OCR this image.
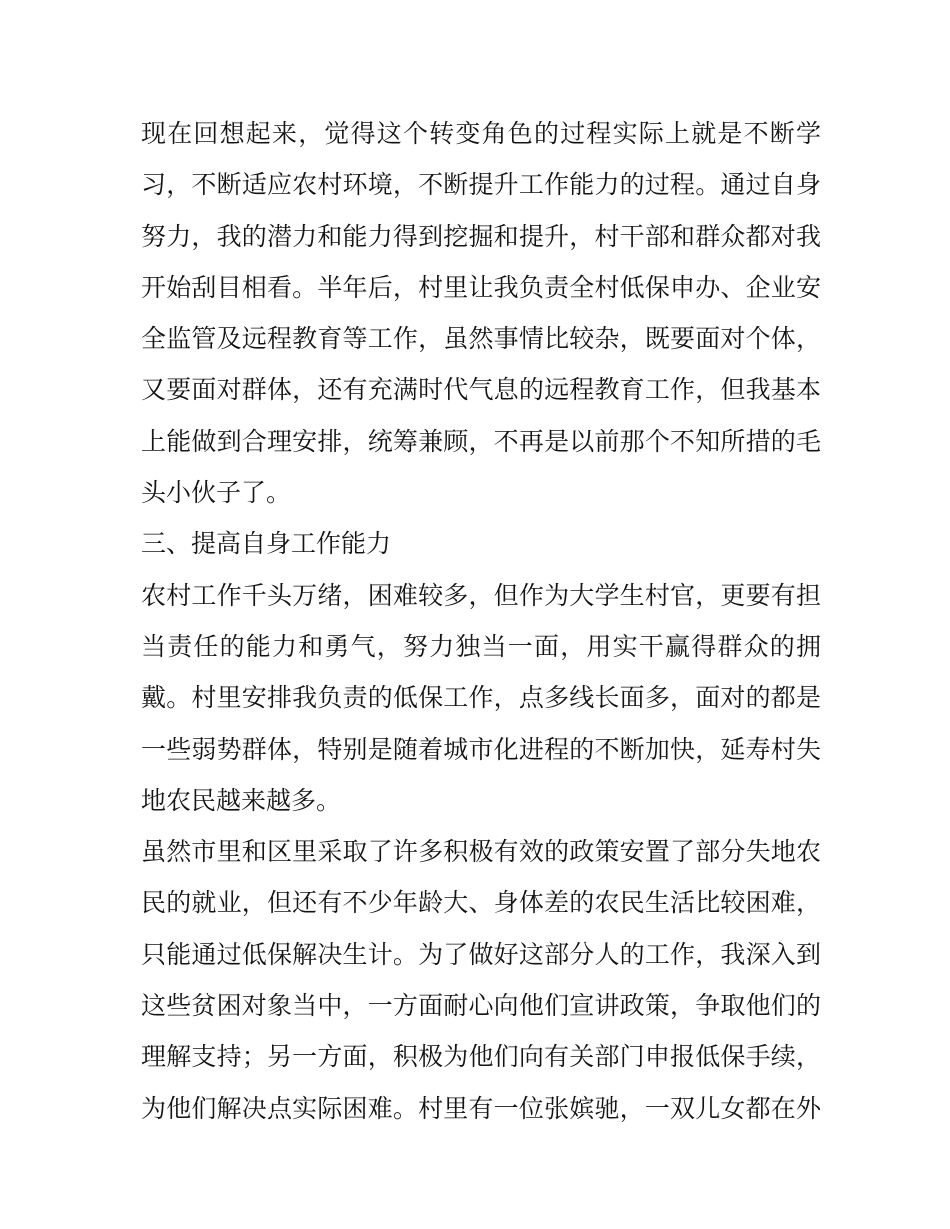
现在回想起来，觉得这个转变角色的过程实际上就是不断学
习，不断适应农村环境，不断提升工作能力的过程。通过自身
努力，我的潜力和能力得到挖掘和提升，村干部和群众都对我
开始刮目相看。半年后，村里让我负责全村低保申办、企业安
全监管及远程教育等工作，虽然事情比较杂，既要面对个体，
又要面对群体，还有充满时代气息的远程教育工作，但我基本
上能做到合理安排，统筹兼顾，不再是以前那个不知所措的毛
头小伙子了。
三、提高自身工作能力
农村工作千头万绪，困难较多，但作为大学生村官，更要有担
当责任的能力和勇气，努力独当一面，用实干赢得群众的拥
戴。村里安排我负责的低保工作，点多线长面多，面对的都是
一些弱势群体，特别是随着城市化进程的不断加快，延寿村失
地农民越来越多。
虽然市里和区里采取了许多积极有效的政策安置了部分失地农
民的就业，但还有不少年龄大、身体差的农民生活比较困难，
只能通过低保解决生计。为了做好这部分人的工作，我深入到
这些贫困对象当中，一方面耐心向他们宣讲政策，争取他们的
理解支持；另一方面，积极为他们向有关部门申报低保手续，
为他们解决点实际困难。村里有一位张嫔驰，一双儿女都在外
